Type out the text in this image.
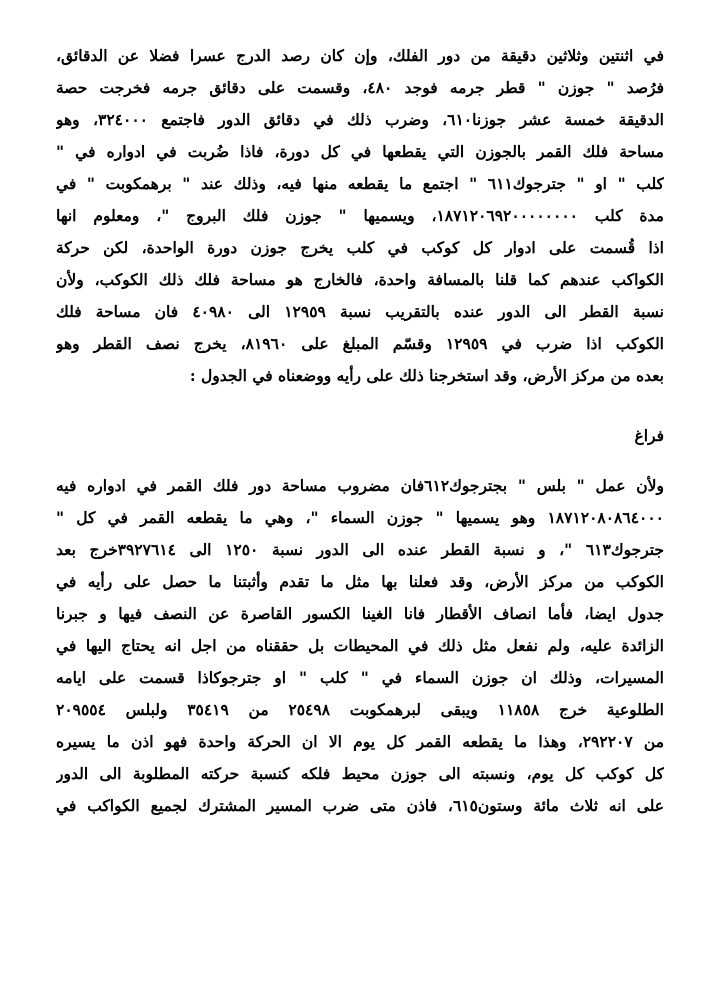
في اثنتين وثلاثين دقيقة من دور الفلك، وإن كان رصد الدرج عسرا فضلا عن الدقائق،
فرُصد " جوزن " قطر جرمه فوجد ٤٨٠، وقسمت على دقائق جرمه فخرجت حصة
الدقيقة خمسة عشر جوزنا٦١٠، وضرب ذلك في دقائق الدور فاجتمع ٣٢٤٠٠٠، وهو
مساحة فلك القمر بالجوزن التي يقطعها في كل دورة، فاذا ضُربت في ادواره في "
كلب " او " جترجوك٦١١ " اجتمع ما يقطعه منها فيه، وذلك عند " برهمكوبت " في
مدة كلب ١٨٧١٢٠٦٩٢٠٠٠٠٠٠٠٠، ويسميها " جوزن فلك البروج "، ومعلوم انها
اذا قُسمت على ادوار كل كوكب في كلب يخرج جوزن دورة الواحدة، لكن حركة
الكواكب عندهم كما قلنا بالمسافة واحدة، فالخارج هو مساحة فلك ذلك الكوكب، ولأن
نسبة القطر الى الدور عنده بالتقريب نسبة ١٢٩٥٩ الى ٤٠٩٨٠ فان مساحة فلك
الكوكب اذا ضرب في ١٢٩٥٩ وقسّم المبلغ على ٨١٩٦٠، يخرج نصف القطر وهو
بعده من مركز الأرض، وقد استخرجنا ذلك على رأيه ووضعناه في الجدول :
فراغ
ولأن عمل " بلس " بجترجوك٦١٢فان مضروب مساحة دور فلك القمر في ادواره فيه
١٨٧١٢٠٨٠٨٦٤٠٠٠ وهو يسميها " جوزن السماء "، وهي ما يقطعه القمر في كل "
جترجوك٦١٣ "، و نسبة القطر عنده الى الدور نسبة ١٢٥٠ الى ٣٩٢٧٦١٤خرج بعد
الكوكب من مركز الأرض، وقد فعلنا بها مثل ما تقدم وأثبتنا ما حصل على رأيه في
جدول ايضا، فأما انصاف الأقطار فانا الغينا الكسور القاصرة عن النصف فيها و جبرنا
الزائدة عليه، ولم نفعل مثل ذلك في المحيطات بل حققناه من اجل انه يحتاج اليها في
المسيرات، وذلك ان جوزن السماء في " كلب " او جترجوكاذا قسمت على ايامه
الطلوعية خرج ١١٨٥٨ ويبقى لبرهمكوبت ٢٥٤٩٨ من ٣٥٤١٩ ولبلس ٢٠٩٥٥٤
من ٢٩٢٢٠٧، وهذا ما يقطعه القمر كل يوم الا ان الحركة واحدة فهو اذن ما يسيره
كل كوكب كل يوم، ونسبته الى جوزن محيط فلكه كنسبة حركته المطلوبة الى الدور
على انه ثلاث مائة وستون٦١٥، فاذن متى ضرب المسير المشترك لجميع الكواكب في
